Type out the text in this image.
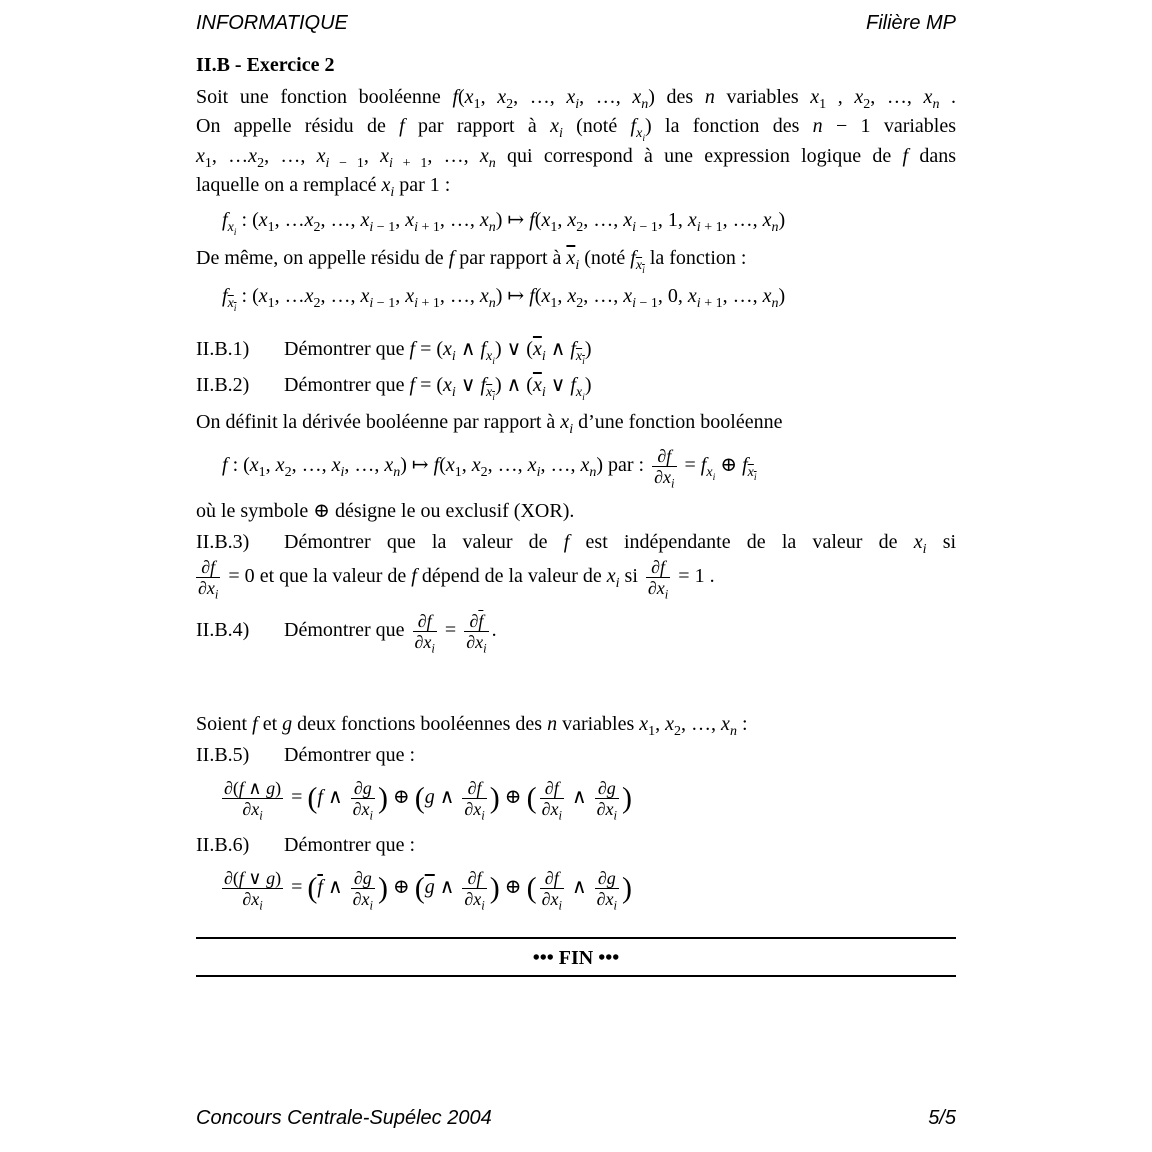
INFORMATIQUE	Filière MP
II.B - Exercice 2
Soit une fonction booléenne $f(x_1$, $x_2$, …, $x_i$, …, $x_n$) des n variables $x_1$ , $x_2$, …, $x_n$ .
On appelle résidu de f par rapport à $x_i$ (noté $f_{x_i}$) la fonction des n − 1 variables
$x_1$, $\dots x_2$, …, $x_{i - 1}$, $x_{i + 1}$, …, $x_n$ qui correspond à une expression logique de f dans
laquelle on a remplacé $x_i$ par 1 :
$f_{x_i}$ : ($x_1$, $\dots x_2$, …, $x_{i - 1}$, $x_{i + 1}$, …, $x_n$) ↦ $f(x_1$, $x_2$, …, $x_{i - 1}$, 1, $x_{i + 1}$, …, $x_n$)
De même, on appelle résidu de f par rapport à $\overline{x}_i$ (noté $f_{x_i}$ la fonction :
$f_{x_i}$ : ($x_1$, $\dots x_2$, …, $x_{i - 1}$, $x_{i + 1}$, …, $x_n$) ↦ $f(x_1$, $x_2$, …, $x_{i - 1}$, 0, $x_{i + 1}$, …, $x_n$)
II.B.1) Démontrer que $f = (x_i$ ∧ $f_{x_i}$) ∨ ($\overline{x}_i$ ∧ $f_{x_i}$)
II.B.2) Démontrer que $f = (x_i$ ∨ $f_{x_i}$) ∧ ($\overline{x}_i$ ∨ $f_{x_i}$)
On définit la dérivée booléenne par rapport à $x_i$ d’une fonction booléenne
f : ($x_1$, $x_2$, …, $x_i$, …, $x_n$) ↦ $f(x_1$, $x_2$, …, $x_i$, …, $x_n$) par : $\frac{\partial f}{\partial x_i} = f_{x_i}$ ⊕ $f_{x_i}$
où le symbole ⊕ désigne le ou exclusif (XOR).
II.B.3) Démontrer que la valeur de f est indépendante de la valeur de $x_i$ si
$\frac{\partial f}{\partial x_i} = 0$ et que la valeur de f dépend de la valeur de $x_i$ si $\frac{\partial f}{\partial x_i} = 1$ .
II.B.4) Démontrer que $\frac{\partial f}{\partial x_i} = \frac{\partial\overline{f}}{\partial x_i}$ .
Soient f et g deux fonctions booléennes des n variables $x_1$, $x_2$, …, $x_n$ :
II.B.5) Démontrer que :
$\frac{\partial(f \wedge g)}{\partial x_i} = (f$ ∧ $\frac{\partial g}{\partial x_i}$ ) ⊕ (g ∧ $\frac{\partial f}{\partial x_i}$ ) ⊕ ( $\frac{\partial f}{\partial x_i}$ ∧ $\frac{\partial g}{\partial x_i}$ )
II.B.6) Démontrer que :
$\frac{\partial(f \vee g)}{\partial x_i} = (\overline{f}$ ∧ $\frac{\partial g}{\partial x_i}$ ) ⊕ ($\overline{g}$ ∧ $\frac{\partial f}{\partial x_i}$ ) ⊕ ( $\frac{\partial f}{\partial x_i}$ ∧ $\frac{\partial g}{\partial x_i}$ )
••• FIN •••
Concours Centrale-Supélec 2004	5/5
